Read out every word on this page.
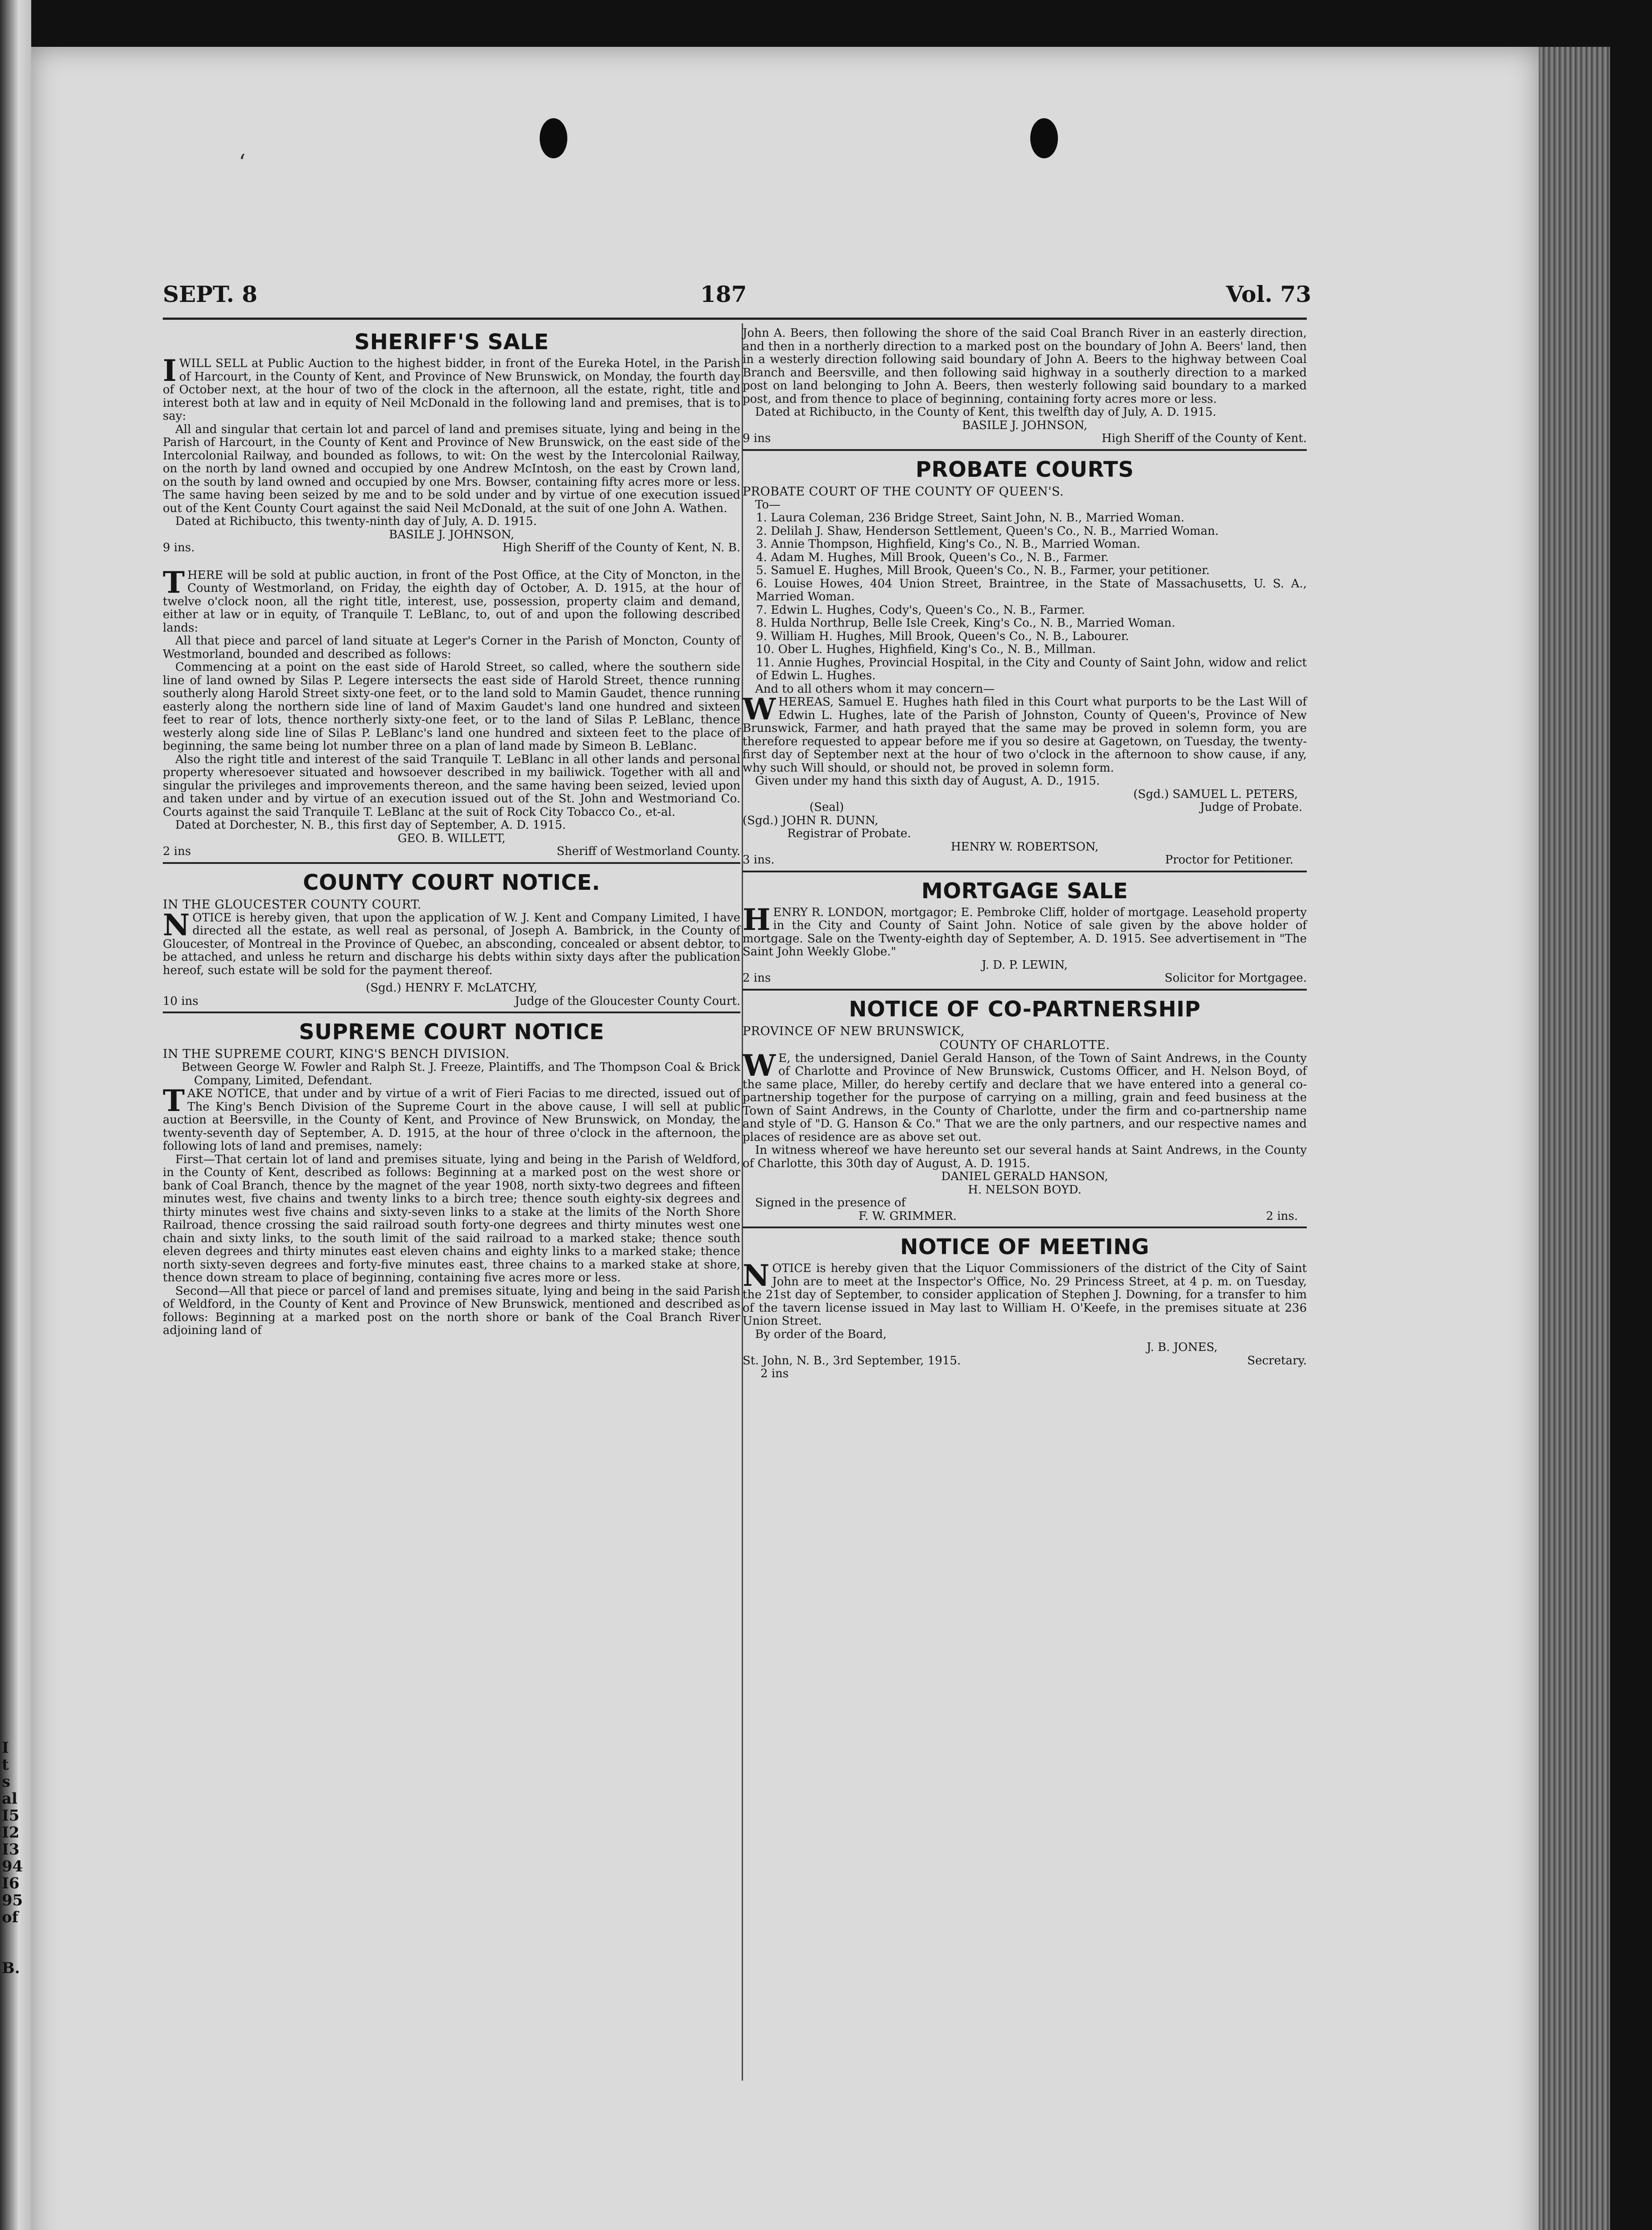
I
t
s
al
I5
I2
I3
94
I6
95
of
B.
‘
SEPT. 8	187	Vol. 73
SHERIFF'S SALE

IWILL SELL at Public Auction to the highest bidder, in front of the Eureka Hotel, in the Parish of Harcourt, in the County of Kent, and Province of New Brunswick, on Monday, the fourth day of October next, at the hour of two of the clock in the afternoon, all the estate, right, title and interest both at law and in equity of Neil McDonald in the following land and premises, that is to say:

All and singular that certain lot and parcel of land and premises situate, lying and being in the Parish of Harcourt, in the County of Kent and Province of New Brunswick, on the east side of the Intercolonial Railway, and bounded as follows, to wit: On the west by the Intercolonial Railway, on the north by land owned and occupied by one Andrew McIntosh, on the east by Crown land, on the south by land owned and occupied by one Mrs. Bowser, containing fifty acres more or less. The same having been seized by me and to be sold under and by virtue of one execution issued out of the Kent County Court against the said Neil McDonald, at the suit of one John A. Wathen.

Dated at Richibucto, this twenty-ninth day of July, A. D. 1915.

BASILE J. JOHNSON,
9 ins.	High Sheriff of the County of Kent, N. B.

THERE will be sold at public auction, in front of the Post Office, at the City of Moncton, in the County of Westmorland, on Friday, the eighth day of October, A. D. 1915, at the hour of twelve o'clock noon, all the right title, interest, use, possession, property claim and demand, either at law or in equity, of Tranquile T. LeBlanc, to, out of and upon the following described lands:

All that piece and parcel of land situate at Leger's Corner in the Parish of Moncton, County of Westmorland, bounded and described as follows:

Commencing at a point on the east side of Harold Street, so called, where the southern side line of land owned by Silas P. Legere intersects the east side of Harold Street, thence running southerly along Harold Street sixty-one feet, or to the land sold to Mamin Gaudet, thence running easterly along the northern side line of land of Maxim Gaudet's land one hundred and sixteen feet to rear of lots, thence northerly sixty-one feet, or to the land of Silas P. LeBlanc, thence westerly along side line of Silas P. LeBlanc's land one hundred and sixteen feet to the place of beginning, the same being lot number three on a plan of land made by Simeon B. LeBlanc.

Also the right title and interest of the said Tranquile T. LeBlanc in all other lands and personal property wheresoever situated and howsoever described in my bailiwick. Together with all and singular the privileges and improvements thereon, and the same having been seized, levied upon and taken under and by virtue of an execution issued out of the St. John and Westmoriand Co. Courts against the said Tranquile T. LeBlanc at the suit of Rock City Tobacco Co., et-al.

Dated at Dorchester, N. B., this first day of September, A. D. 1915.

GEO. B. WILLETT,
2 ins	Sheriff of Westmorland County.
COUNTY COURT NOTICE.
IN THE GLOUCESTER COUNTY COURT.

NOTICE is hereby given, that upon the application of W. J. Kent and Company Limited, I have directed all the estate, as well real as personal, of Joseph A. Bambrick, in the County of Gloucester, of Montreal in the Province of Quebec, an absconding, concealed or absent debtor, to be attached, and unless he return and discharge his debts within sixty days after the publication hereof, such estate will be sold for the payment thereof.

(Sgd.) HENRY F. McLATCHY,
10 ins	Judge of the Gloucester County Court.
SUPREME COURT NOTICE
IN THE SUPREME COURT, KING'S BENCH DIVISION.

Between George W. Fowler and Ralph St. J. Freeze, Plaintiffs, and The Thompson Coal & Brick Company, Limited, Defendant.

TAKE NOTICE, that under and by virtue of a writ of Fieri Facias to me directed, issued out of The King's Bench Division of the Supreme Court in the above cause, I will sell at public auction at Beersville, in the County of Kent, and Province of New Brunswick, on Monday, the twenty-seventh day of September, A. D. 1915, at the hour of three o'clock in the afternoon, the following lots of land and premises, namely:

First—That certain lot of land and premises situate, lying and being in the Parish of Weldford, in the County of Kent, described as follows: Beginning at a marked post on the west shore or bank of Coal Branch, thence by the magnet of the year 1908, north sixty-two degrees and fifteen minutes west, five chains and twenty links to a birch tree; thence south eighty-six degrees and thirty minutes west five chains and sixty-seven links to a stake at the limits of the North Shore Railroad, thence crossing the said railroad south forty-one degrees and thirty minutes west one chain and sixty links, to the south limit of the said railroad to a marked stake; thence south eleven degrees and thirty minutes east eleven chains and eighty links to a marked stake; thence north sixty-seven degrees and forty-five minutes east, three chains to a marked stake at shore, thence down stream to place of beginning, containing five acres more or less.

Second—All that piece or parcel of land and premises situate, lying and being in the said Parish of Weldford, in the County of Kent and Province of New Brunswick, mentioned and described as follows: Beginning at a marked post on the north shore or bank of the Coal Branch River adjoining land of

John A. Beers, then following the shore of the said Coal Branch River in an easterly direction, and then in a northerly direction to a marked post on the boundary of John A. Beers' land, then in a westerly direction following said boundary of John A. Beers to the highway between Coal Branch and Beersville, and then following said highway in a southerly direction to a marked post on land belonging to John A. Beers, then westerly following said boundary to a marked post, and from thence to place of beginning, containing forty acres more or less.

Dated at Richibucto, in the County of Kent, this twelfth day of July, A. D. 1915.

BASILE J. JOHNSON,
9 ins	High Sheriff of the County of Kent.
PROBATE COURTS
PROBATE COURT OF THE COUNTY OF QUEEN'S.

To—

1. Laura Coleman, 236 Bridge Street, Saint John, N. B., Married Woman.

2. Delilah J. Shaw, Henderson Settlement, Queen's Co., N. B., Married Woman.

3. Annie Thompson, Highfield, King's Co., N. B., Married Woman.

4. Adam M. Hughes, Mill Brook, Queen's Co., N. B., Farmer.

5. Samuel E. Hughes, Mill Brook, Queen's Co., N. B., Farmer, your petitioner.

6. Louise Howes, 404 Union Street, Braintree, in the State of Massachusetts, U. S. A., Married Woman.

7. Edwin L. Hughes, Cody's, Queen's Co., N. B., Farmer.

8. Hulda Northrup, Belle Isle Creek, King's Co., N. B., Married Woman.

9. William H. Hughes, Mill Brook, Queen's Co., N. B., Labourer.

10. Ober L. Hughes, Highfield, King's Co., N. B., Millman.

11. Annie Hughes, Provincial Hospital, in the City and County of Saint John, widow and relict of Edwin L. Hughes.

And to all others whom it may concern—

WHEREAS, Samuel E. Hughes hath filed in this Court what purports to be the Last Will of Edwin L. Hughes, late of the Parish of Johnston, County of Queen's, Province of New Brunswick, Farmer, and hath prayed that the same may be proved in solemn form, you are therefore requested to appear before me if you so desire at Gagetown, on Tuesday, the twenty-first day of September next at the hour of two o'clock in the afternoon to show cause, if any, why such Will should, or should not, be proved in solemn form.

Given under my hand this sixth day of August, A. D., 1915.

(Sgd.) SAMUEL L. PETERS,
(Seal)	Judge of Probate.

(Sgd.) JOHN R. DUNN,

Registrar of Probate.

HENRY W. ROBERTSON,
3 ins.	Proctor for Petitioner.
MORTGAGE SALE

HENRY R. LONDON, mortgagor; E. Pembroke Cliff, holder of mortgage. Leasehold property in the City and County of Saint John. Notice of sale given by the above holder of mortgage. Sale on the Twenty-eighth day of September, A. D. 1915. See advertisement in "The Saint John Weekly Globe."

J. D. P. LEWIN,
2 ins	Solicitor for Mortgagee.
NOTICE OF CO-PARTNERSHIP
PROVINCE OF NEW BRUNSWICK,
COUNTY OF CHARLOTTE.

W E, the undersigned, Daniel Gerald Hanson, of the Town of Saint Andrews, in the County of Charlotte and Province of New Brunswick, Customs Officer, and H. Nelson Boyd, of the same place, Miller, do hereby certify and declare that we have entered into a general co-partnership together for the purpose of carrying on a milling, grain and feed business at the Town of Saint Andrews, in the County of Charlotte, under the firm and co-partnership name and style of "D. G. Hanson & Co." That we are the only partners, and our respective names and places of residence are as above set out.

In witness whereof we have hereunto set our several hands at Saint Andrews, in the County of Charlotte, this 30th day of August, A. D. 1915.

DANIEL GERALD HANSON,
H. NELSON BOYD.

Signed in the presence of

F. W. GRIMMER.	2 ins.
NOTICE OF MEETING

NOTICE is hereby given that the Liquor Commissioners of the district of the City of Saint John are to meet at the Inspector's Office, No. 29 Princess Street, at 4 p. m. on Tuesday, the 21st day of September, to consider application of Stephen J. Downing, for a transfer to him of the tavern license issued in May last to William H. O'Keefe, in the premises situate at 236 Union Street.

By order of the Board,

J. B. JONES,
St. John, N. B., 3rd September, 1915.	Secretary.

2 ins
